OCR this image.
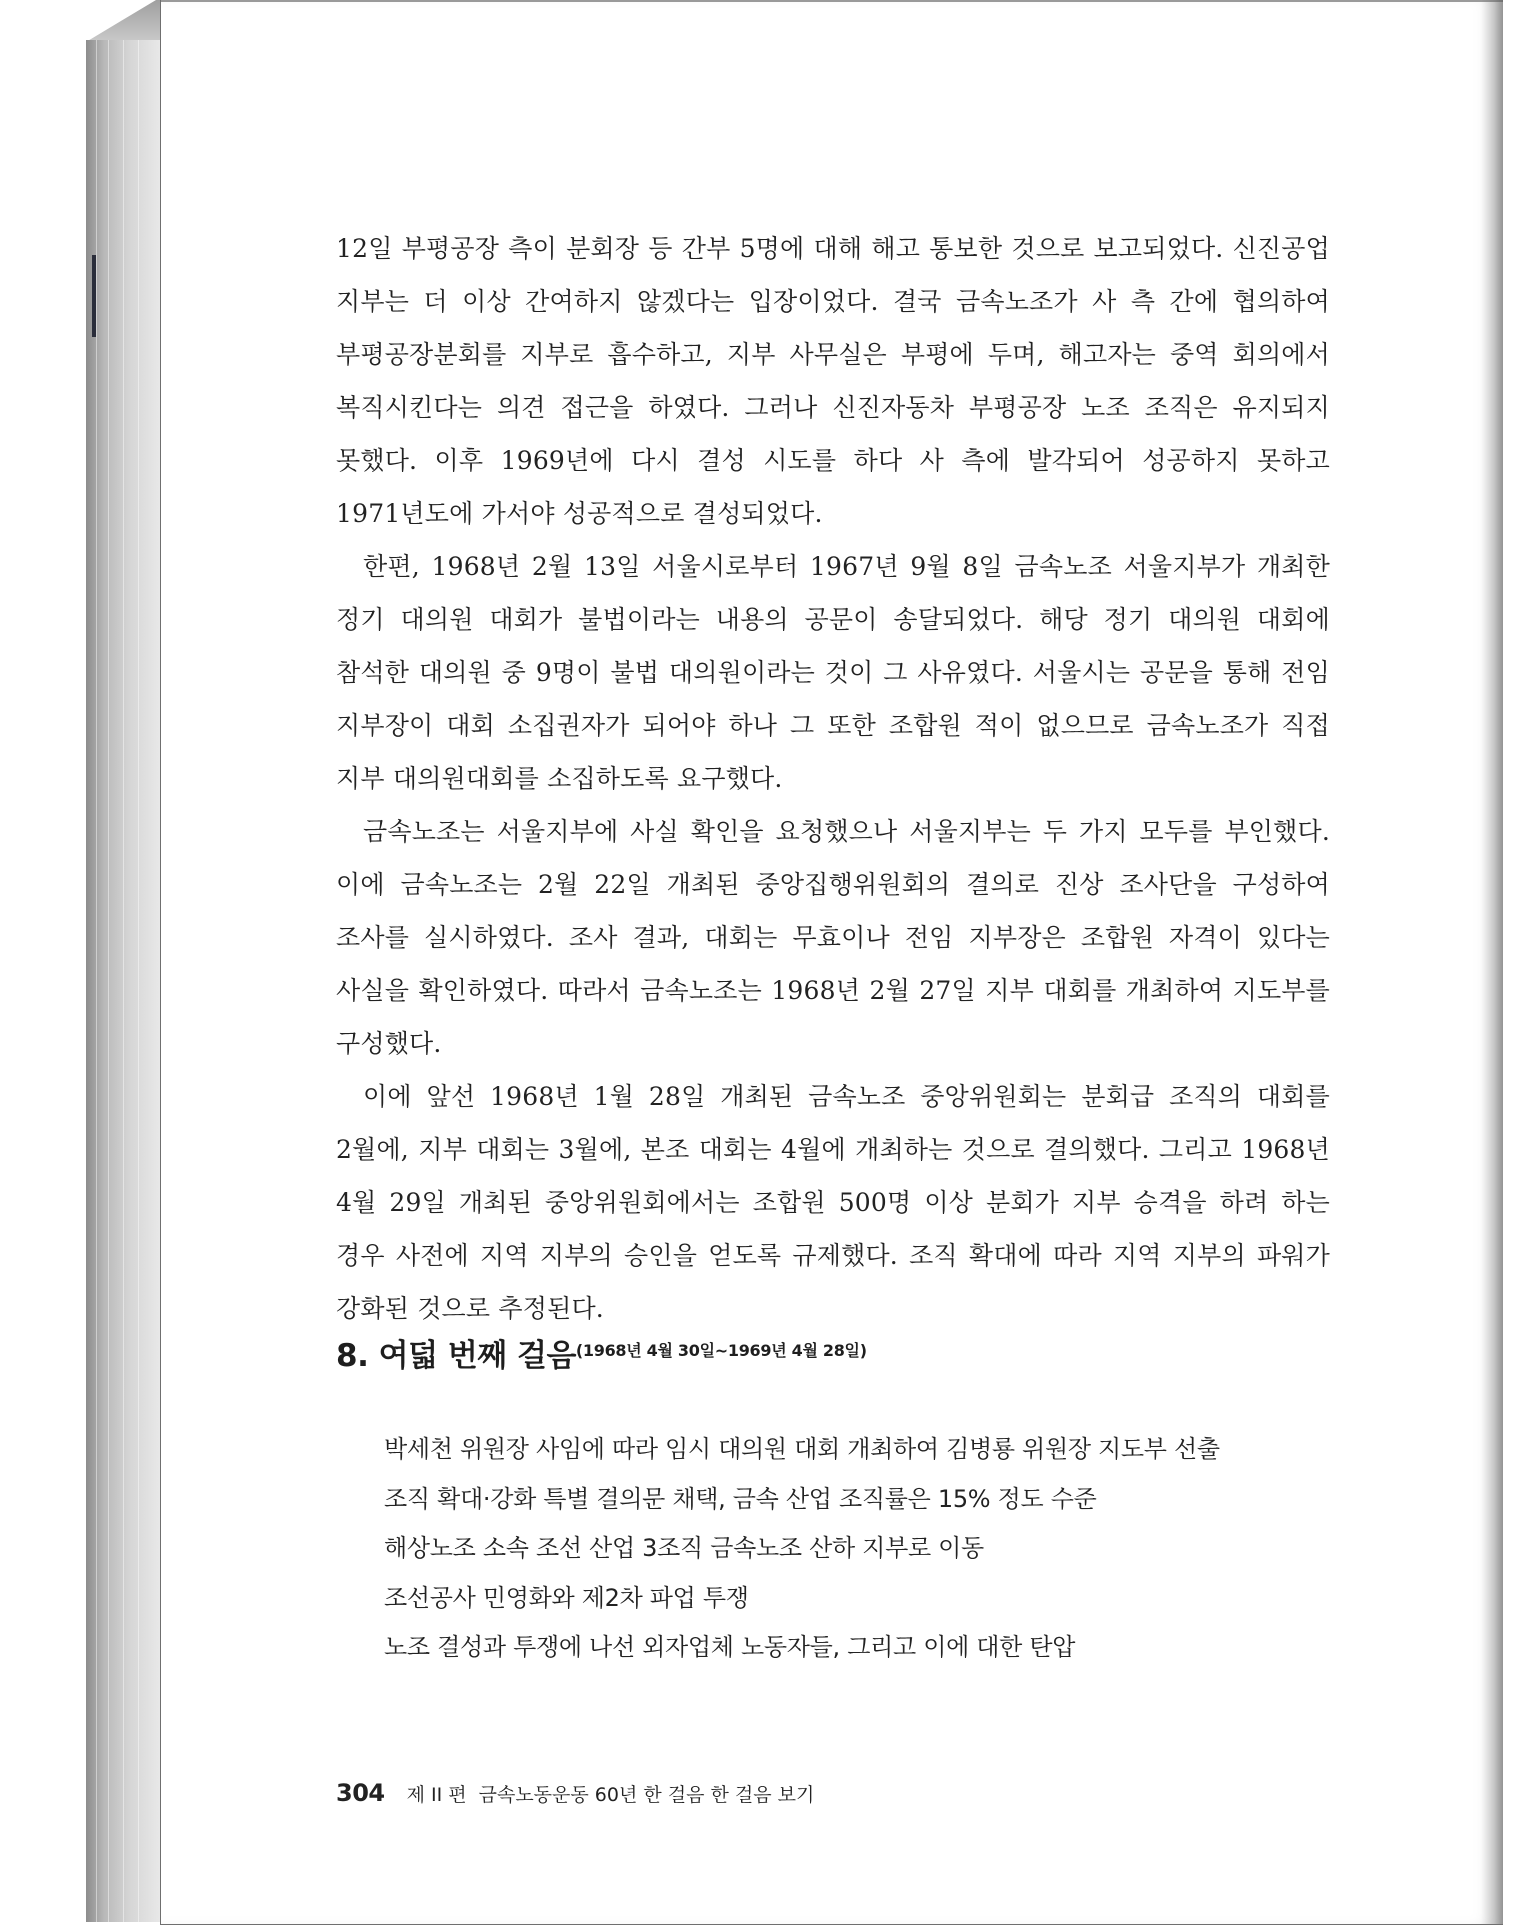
12일 부평공장 측이 분회장 등 간부 5명에 대해 해고 통보한 것으로 보고되었다. 신진공업 지부는 더 이상 간여하지 않겠다는 입장이었다. 결국 금속노조가 사 측 간에 협의하여 부평공장분회를 지부로 흡수하고, 지부 사무실은 부평에 두며, 해고자는 중역 회의에서 복직시킨다는 의견 접근을 하였다. 그러나 신진자동차 부평공장 노조 조직은 유지되지 못했다. 이후 1969년에 다시 결성 시도를 하다 사 측에 발각되어 성공하지 못하고 1971년도에 가서야 성공적으로 결성되었다.

한편, 1968년 2월 13일 서울시로부터 1967년 9월 8일 금속노조 서울지부가 개최한 정기 대의원 대회가 불법이라는 내용의 공문이 송달되었다. 해당 정기 대의원 대회에 참석한 대의원 중 9명이 불법 대의원이라는 것이 그 사유였다. 서울시는 공문을 통해 전임 지부장이 대회 소집권자가 되어야 하나 그 또한 조합원 적이 없으므로 금속노조가 직접 지부 대의원대회를 소집하도록 요구했다.

금속노조는 서울지부에 사실 확인을 요청했으나 서울지부는 두 가지 모두를 부인했다. 이에 금속노조는 2월 22일 개최된 중앙집행위원회의 결의로 진상 조사단을 구성하여 조사를 실시하였다. 조사 결과, 대회는 무효이나 전임 지부장은 조합원 자격이 있다는 사실을 확인하였다. 따라서 금속노조는 1968년 2월 27일 지부 대회를 개최하여 지도부를 구성했다.

이에 앞선 1968년 1월 28일 개최된 금속노조 중앙위원회는 분회급 조직의 대회를 2월에, 지부 대회는 3월에, 본조 대회는 4월에 개최하는 것으로 결의했다. 그리고 1968년 4월 29일 개최된 중앙위원회에서는 조합원 500명 이상 분회가 지부 승격을 하려 하는 경우 사전에 지역 지부의 승인을 얻도록 규제했다. 조직 확대에 따라 지역 지부의 파워가 강화된 것으로 추정된다.

8. 여덟 번째 걸음(1968년 4월 30일~1969년 4월 28일)
박세천 위원장 사임에 따라 임시 대의원 대회 개최하여 김병룡 위원장 지도부 선출
조직 확대·강화 특별 결의문 채택, 금속 산업 조직률은 15% 정도 수준
해상노조 소속 조선 산업 3조직 금속노조 산하 지부로 이동
조선공사 민영화와 제2차 파업 투쟁
노조 결성과 투쟁에 나선 외자업체 노동자들, 그리고 이에 대한 탄압
304 제 II 편 금속노동운동 60년 한 걸음 한 걸음 보기
